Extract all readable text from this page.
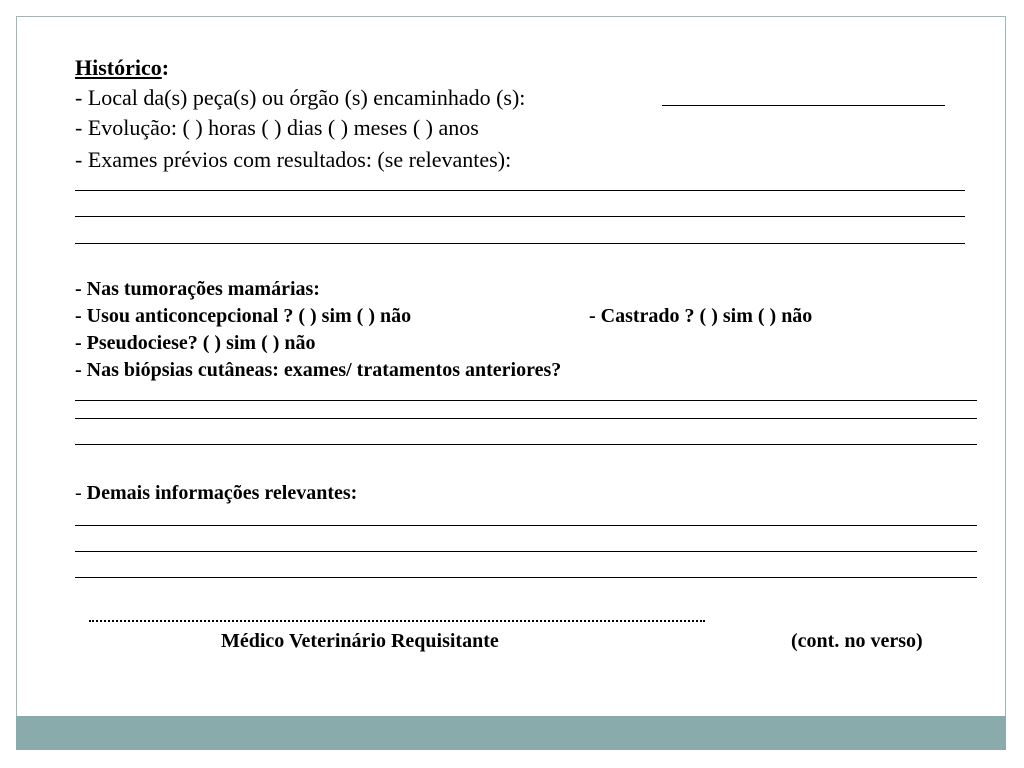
Histórico:
- Local da(s) peça(s) ou órgão (s) encaminhado (s):
- Evolução: ( ) horas ( ) dias ( ) meses ( ) anos
- Exames prévios com resultados: (se relevantes):
- Nas tumorações mamárias:
- Usou anticoncepcional ? ( ) sim ( ) não	- Castrado ? ( ) sim ( ) não
- Pseudociese? ( ) sim ( ) não
- Nas biópsias cutâneas: exames/ tratamentos anteriores?
- Demais informações relevantes:
Médico Veterinário Requisitante	(cont. no verso)
